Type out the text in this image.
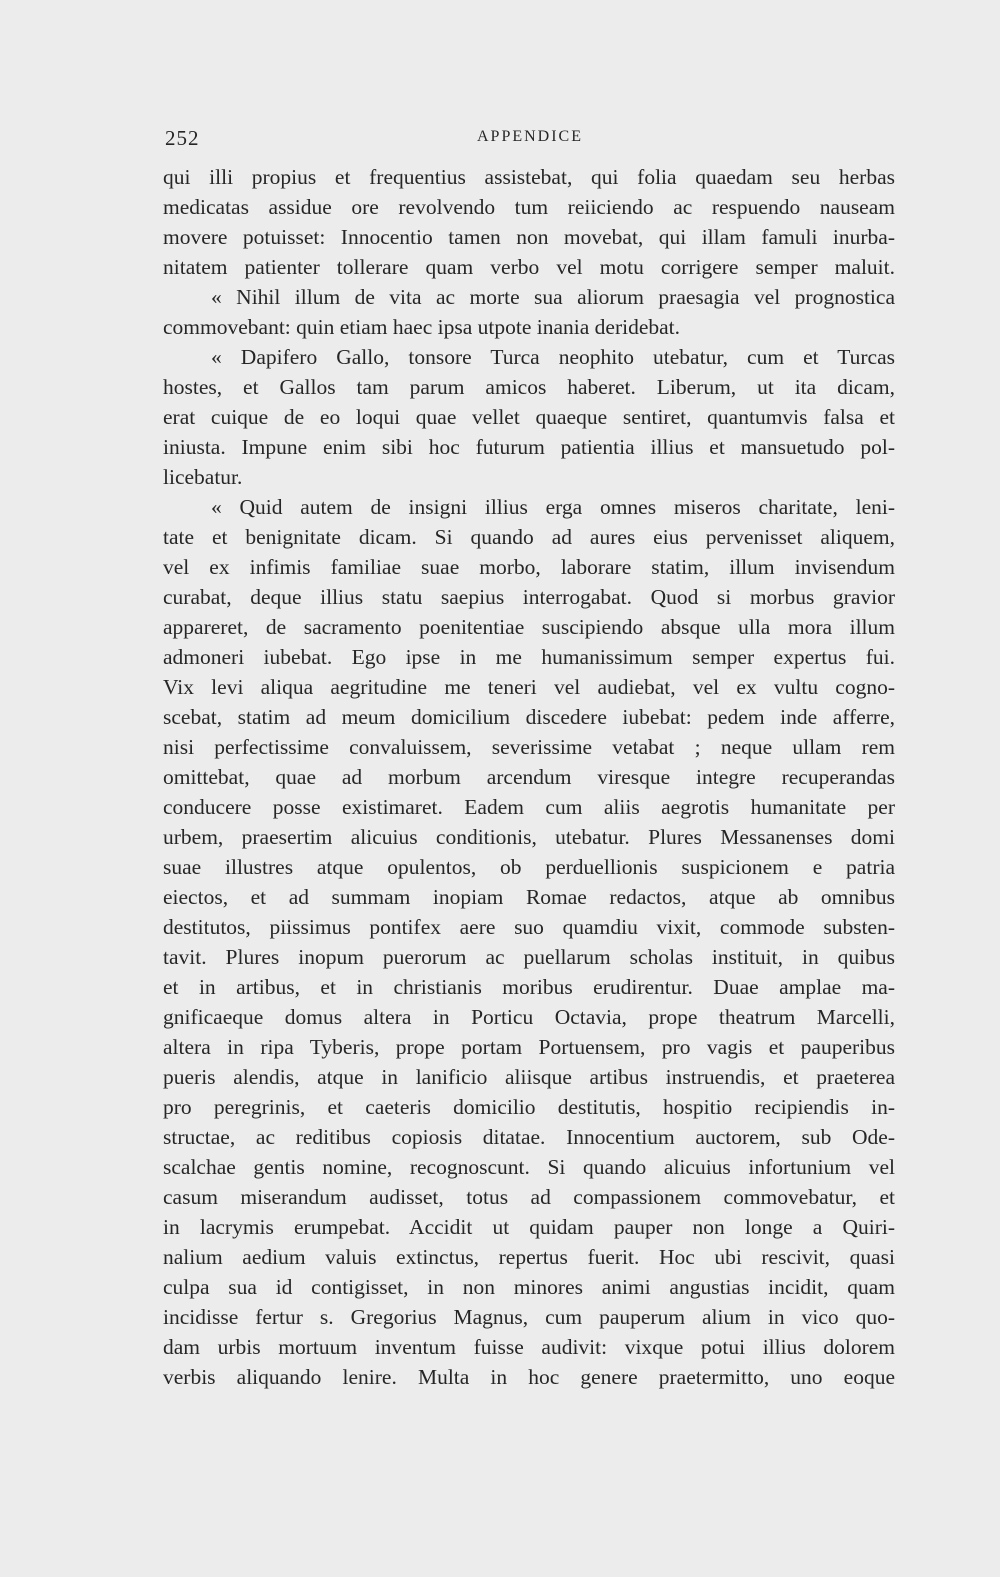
252	APPENDICE
qui illi propius et frequentius assistebat, qui folia quaedam seu herbas
medicatas assidue ore revolvendo tum reiiciendo ac respuendo nauseam
movere potuisset: Innocentio tamen non movebat, qui illam famuli inurba-
nitatem patienter tollerare quam verbo vel motu corrigere semper maluit.
« Nihil illum de vita ac morte sua aliorum praesagia vel prognostica
commovebant: quin etiam haec ipsa utpote inania deridebat.
« Dapifero Gallo, tonsore Turca neophito utebatur, cum et Turcas
hostes, et Gallos tam parum amicos haberet. Liberum, ut ita dicam,
erat cuique de eo loqui quae vellet quaeque sentiret, quantumvis falsa et
iniusta. Impune enim sibi hoc futurum patientia illius et mansuetudo pol-
licebatur.
« Quid autem de insigni illius erga omnes miseros charitate, leni-
tate et benignitate dicam. Si quando ad aures eius pervenisset aliquem,
vel ex infimis familiae suae morbo, laborare statim, illum invisendum
curabat, deque illius statu saepius interrogabat. Quod si morbus gravior
appareret, de sacramento poenitentiae suscipiendo absque ulla mora illum
admoneri iubebat. Ego ipse in me humanissimum semper expertus fui.
Vix levi aliqua aegritudine me teneri vel audiebat, vel ex vultu cogno-
scebat, statim ad meum domicilium discedere iubebat: pedem inde afferre,
nisi perfectissime convaluissem, severissime vetabat ; neque ullam rem
omittebat, quae ad morbum arcendum viresque integre recuperandas
conducere posse existimaret. Eadem cum aliis aegrotis humanitate per
urbem, praesertim alicuius conditionis, utebatur. Plures Messanenses domi
suae illustres atque opulentos, ob perduellionis suspicionem e patria
eiectos, et ad summam inopiam Romae redactos, atque ab omnibus
destitutos, piissimus pontifex aere suo quamdiu vixit, commode substen-
tavit. Plures inopum puerorum ac puellarum scholas instituit, in quibus
et in artibus, et in christianis moribus erudirentur. Duae amplae ma-
gnificaeque domus altera in Porticu Octavia, prope theatrum Marcelli,
altera in ripa Tyberis, prope portam Portuensem, pro vagis et pauperibus
pueris alendis, atque in lanificio aliisque artibus instruendis, et praeterea
pro peregrinis, et caeteris domicilio destitutis, hospitio recipiendis in-
structae, ac reditibus copiosis ditatae. Innocentium auctorem, sub Ode-
scalchae gentis nomine, recognoscunt. Si quando alicuius infortunium vel
casum miserandum audisset, totus ad compassionem commovebatur, et
in lacrymis erumpebat. Accidit ut quidam pauper non longe a Quiri-
nalium aedium valuis extinctus, repertus fuerit. Hoc ubi rescivit, quasi
culpa sua id contigisset, in non minores animi angustias incidit, quam
incidisse fertur s. Gregorius Magnus, cum pauperum alium in vico quo-
dam urbis mortuum inventum fuisse audivit: vixque potui illius dolorem
verbis aliquando lenire. Multa in hoc genere praetermitto, uno eoque
